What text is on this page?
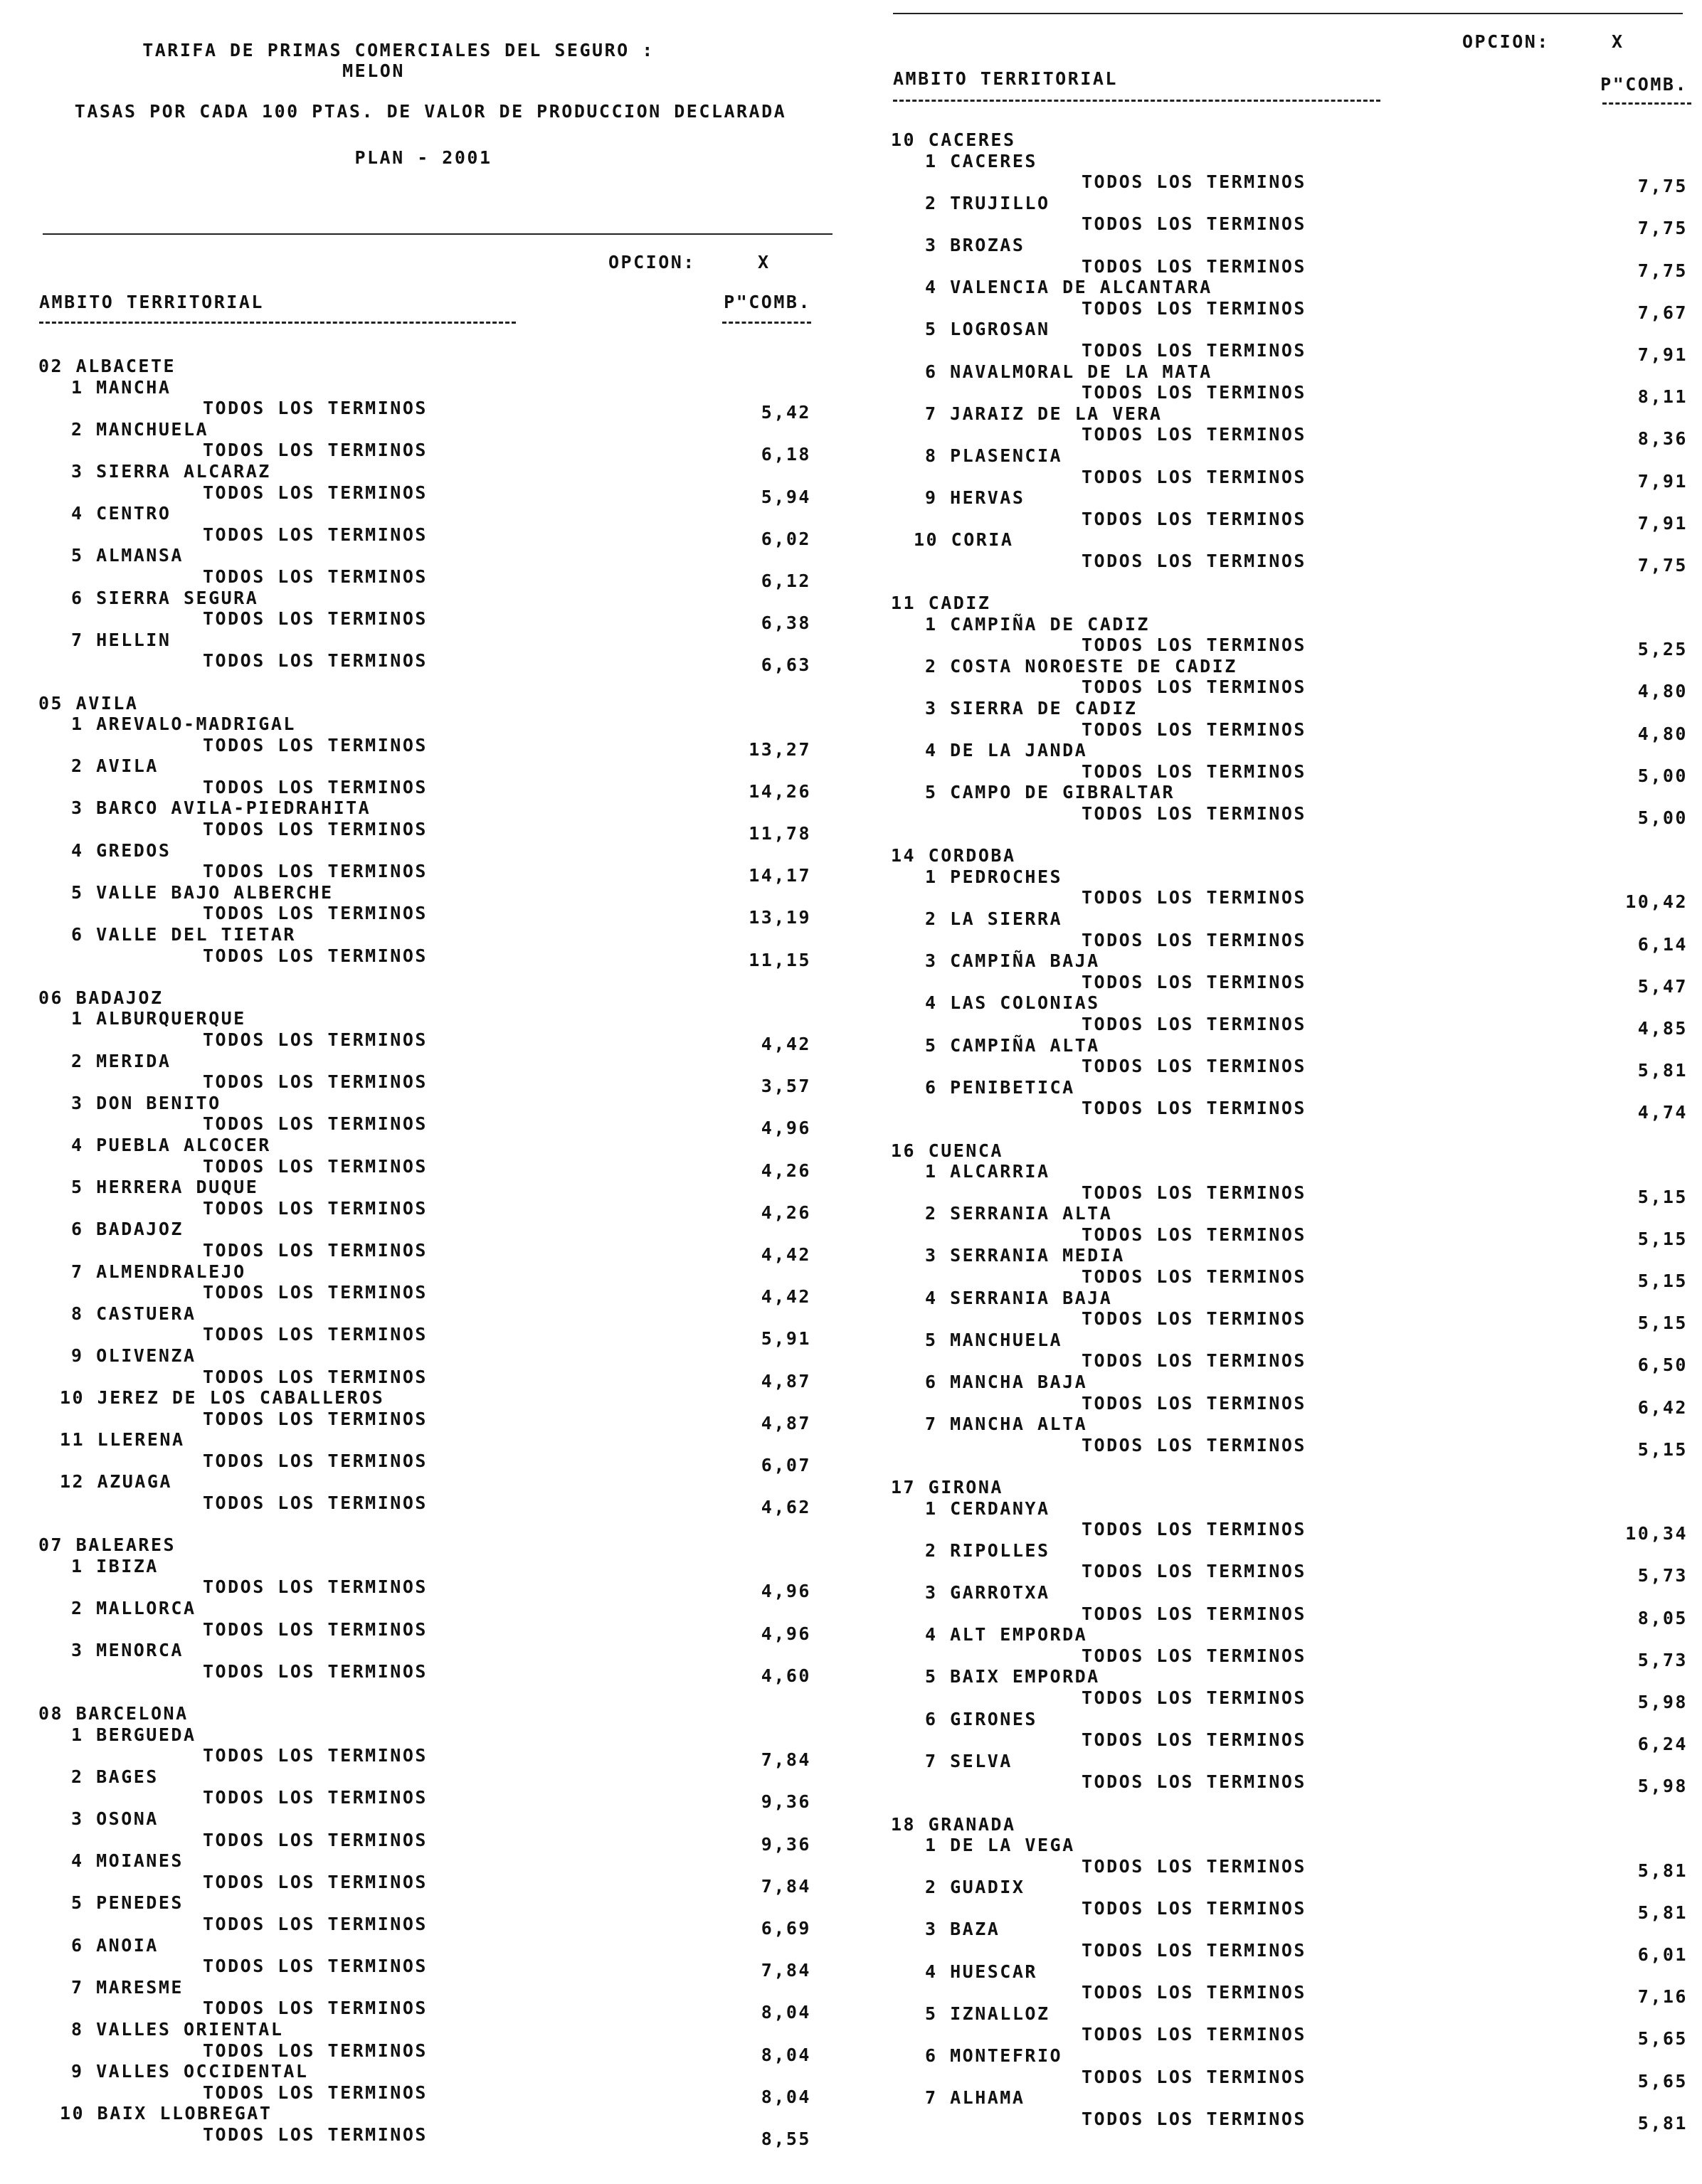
TARIFA DE PRIMAS COMERCIALES DEL SEGURO :
MELON
TASAS POR CADA 100 PTAS. DE VALOR DE PRODUCCION DECLARADA
PLAN - 2001
OPCION:	X
AMBITO TERRITORIAL	P"COMB.
02 ALBACETE
1 MANCHA
TODOS LOS TERMINOS	5,42
2 MANCHUELA
TODOS LOS TERMINOS	6,18
3 SIERRA ALCARAZ
TODOS LOS TERMINOS	5,94
4 CENTRO
TODOS LOS TERMINOS	6,02
5 ALMANSA
TODOS LOS TERMINOS	6,12
6 SIERRA SEGURA
TODOS LOS TERMINOS	6,38
7 HELLIN
TODOS LOS TERMINOS	6,63
05 AVILA
1 AREVALO-MADRIGAL
TODOS LOS TERMINOS	13,27
2 AVILA
TODOS LOS TERMINOS	14,26
3 BARCO AVILA-PIEDRAHITA
TODOS LOS TERMINOS	11,78
4 GREDOS
TODOS LOS TERMINOS	14,17
5 VALLE BAJO ALBERCHE
TODOS LOS TERMINOS	13,19
6 VALLE DEL TIETAR
TODOS LOS TERMINOS	11,15
06 BADAJOZ
1 ALBURQUERQUE
TODOS LOS TERMINOS	4,42
2 MERIDA
TODOS LOS TERMINOS	3,57
3 DON BENITO
TODOS LOS TERMINOS	4,96
4 PUEBLA ALCOCER
TODOS LOS TERMINOS	4,26
5 HERRERA DUQUE
TODOS LOS TERMINOS	4,26
6 BADAJOZ
TODOS LOS TERMINOS	4,42
7 ALMENDRALEJO
TODOS LOS TERMINOS	4,42
8 CASTUERA
TODOS LOS TERMINOS	5,91
9 OLIVENZA
TODOS LOS TERMINOS	4,87
10 JEREZ DE LOS CABALLEROS
TODOS LOS TERMINOS	4,87
11 LLERENA
TODOS LOS TERMINOS	6,07
12 AZUAGA
TODOS LOS TERMINOS	4,62
07 BALEARES
1 IBIZA
TODOS LOS TERMINOS	4,96
2 MALLORCA
TODOS LOS TERMINOS	4,96
3 MENORCA
TODOS LOS TERMINOS	4,60
08 BARCELONA
1 BERGUEDA
TODOS LOS TERMINOS	7,84
2 BAGES
TODOS LOS TERMINOS	9,36
3 OSONA
TODOS LOS TERMINOS	9,36
4 MOIANES
TODOS LOS TERMINOS	7,84
5 PENEDES
TODOS LOS TERMINOS	6,69
6 ANOIA
TODOS LOS TERMINOS	7,84
7 MARESME
TODOS LOS TERMINOS	8,04
8 VALLES ORIENTAL
TODOS LOS TERMINOS	8,04
9 VALLES OCCIDENTAL
TODOS LOS TERMINOS	8,04
10 BAIX LLOBREGAT
TODOS LOS TERMINOS	8,55
OPCION:	X
AMBITO TERRITORIAL	P"COMB.
10 CACERES
1 CACERES
TODOS LOS TERMINOS	7,75
2 TRUJILLO
TODOS LOS TERMINOS	7,75
3 BROZAS
TODOS LOS TERMINOS	7,75
4 VALENCIA DE ALCANTARA
TODOS LOS TERMINOS	7,67
5 LOGROSAN
TODOS LOS TERMINOS	7,91
6 NAVALMORAL DE LA MATA
TODOS LOS TERMINOS	8,11
7 JARAIZ DE LA VERA
TODOS LOS TERMINOS	8,36
8 PLASENCIA
TODOS LOS TERMINOS	7,91
9 HERVAS
TODOS LOS TERMINOS	7,91
10 CORIA
TODOS LOS TERMINOS	7,75
11 CADIZ
1 CAMPIÑA DE CADIZ
TODOS LOS TERMINOS	5,25
2 COSTA NOROESTE DE CADIZ
TODOS LOS TERMINOS	4,80
3 SIERRA DE CADIZ
TODOS LOS TERMINOS	4,80
4 DE LA JANDA
TODOS LOS TERMINOS	5,00
5 CAMPO DE GIBRALTAR
TODOS LOS TERMINOS	5,00
14 CORDOBA
1 PEDROCHES
TODOS LOS TERMINOS	10,42
2 LA SIERRA
TODOS LOS TERMINOS	6,14
3 CAMPIÑA BAJA
TODOS LOS TERMINOS	5,47
4 LAS COLONIAS
TODOS LOS TERMINOS	4,85
5 CAMPIÑA ALTA
TODOS LOS TERMINOS	5,81
6 PENIBETICA
TODOS LOS TERMINOS	4,74
16 CUENCA
1 ALCARRIA
TODOS LOS TERMINOS	5,15
2 SERRANIA ALTA
TODOS LOS TERMINOS	5,15
3 SERRANIA MEDIA
TODOS LOS TERMINOS	5,15
4 SERRANIA BAJA
TODOS LOS TERMINOS	5,15
5 MANCHUELA
TODOS LOS TERMINOS	6,50
6 MANCHA BAJA
TODOS LOS TERMINOS	6,42
7 MANCHA ALTA
TODOS LOS TERMINOS	5,15
17 GIRONA
1 CERDANYA
TODOS LOS TERMINOS	10,34
2 RIPOLLES
TODOS LOS TERMINOS	5,73
3 GARROTXA
TODOS LOS TERMINOS	8,05
4 ALT EMPORDA
TODOS LOS TERMINOS	5,73
5 BAIX EMPORDA
TODOS LOS TERMINOS	5,98
6 GIRONES
TODOS LOS TERMINOS	6,24
7 SELVA
TODOS LOS TERMINOS	5,98
18 GRANADA
1 DE LA VEGA
TODOS LOS TERMINOS	5,81
2 GUADIX
TODOS LOS TERMINOS	5,81
3 BAZA
TODOS LOS TERMINOS	6,01
4 HUESCAR
TODOS LOS TERMINOS	7,16
5 IZNALLOZ
TODOS LOS TERMINOS	5,65
6 MONTEFRIO
TODOS LOS TERMINOS	5,65
7 ALHAMA
TODOS LOS TERMINOS	5,81
